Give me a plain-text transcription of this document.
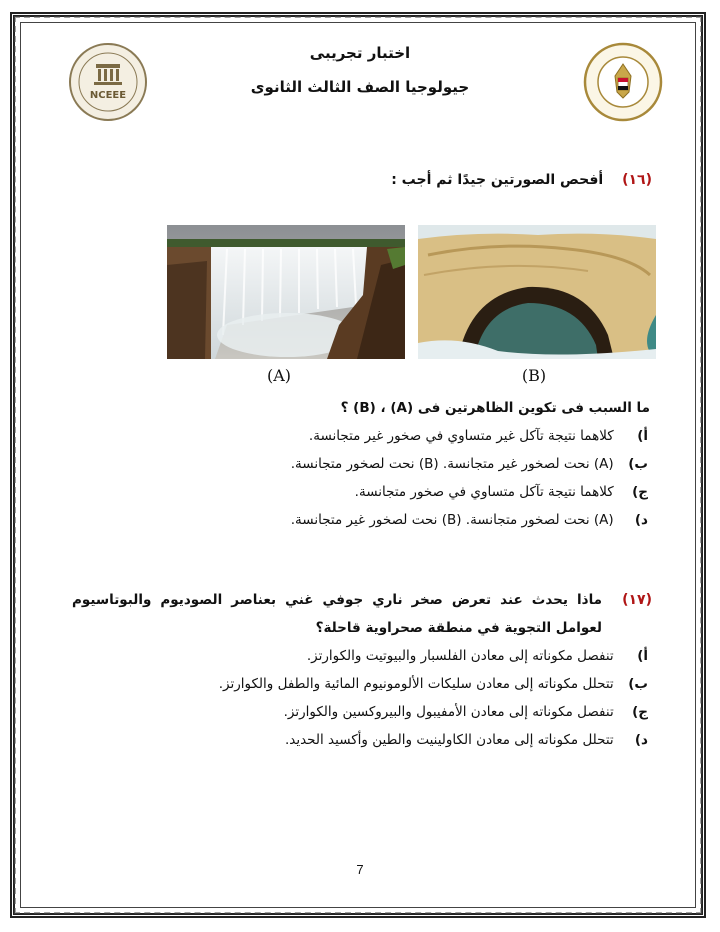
NCEEE
اختبار تجريبى
جيولوجيا الصف الثالث الثانوى
(١٦) أفحص الصورتين جيدًا ثم أجب :
(A)	(B)
ما السبب فى تكوين الظاهرتين فى (A) ، (B) ؟
أ) كلاهما نتيجة تآكل غير متساوي في صخور غير متجانسة.
ب) (A) نحت لصخور غير متجانسة. (B) نحت لصخور متجانسة.
ج) كلاهما نتيجة تآكل متساوي في صخور متجانسة.
د) (A) نحت لصخور متجانسة. (B) نحت لصخور غير متجانسة.
(١٧)
ماذا يحدث عند تعرض صخر ناري جوفي غني بعناصر الصوديوم والبوتاسيوم لعوامل التجوية في منطقة صحراوية قاحلة؟
أ) تنفصل مكوناته إلى معادن الفلسبار والبيوتيت والكوارتز.
ب) تتحلل مكوناته إلى معادن سليكات الألومونيوم المائية والطفل والكوارتز.
ج) تنفصل مكوناته إلى معادن الأمفيبول والبيروكسين والكوارتز.
د) تتحلل مكوناته إلى معادن الكاولينيت والطين وأكسيد الحديد.
7
